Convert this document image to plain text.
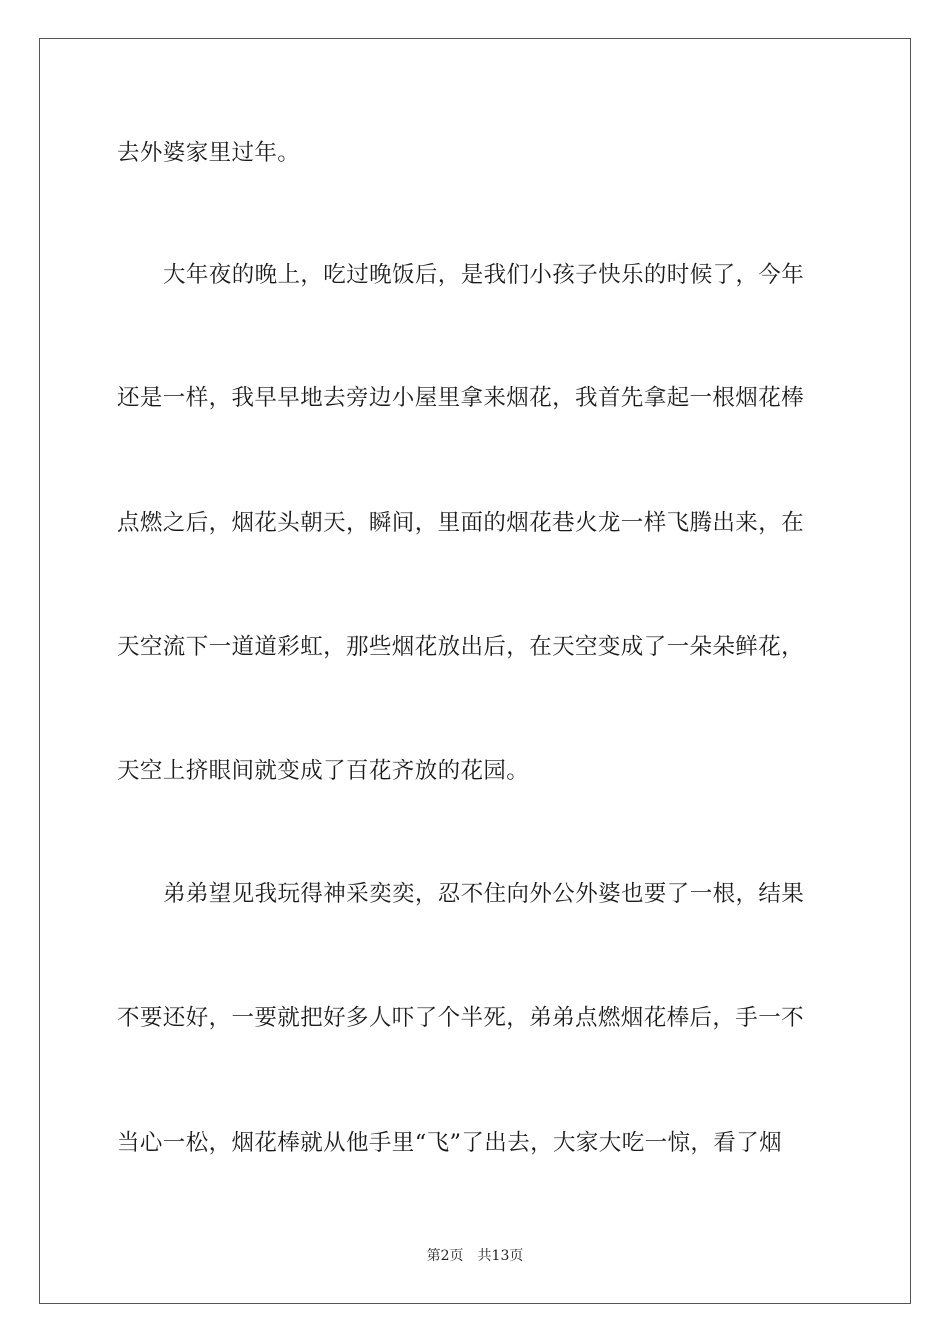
去外婆家里过年。
大年夜的晚上，吃过晚饭后，是我们小孩子快乐的时候了，今年
还是一样，我早早地去旁边小屋里拿来烟花，我首先拿起一根烟花棒
点燃之后，烟花头朝天，瞬间，里面的烟花巷火龙一样飞腾出来，在
天空流下一道道彩虹，那些烟花放出后，在天空变成了一朵朵鲜花，
天空上挤眼间就变成了百花齐放的花园。
弟弟望见我玩得神采奕奕，忍不住向外公外婆也要了一根，结果
不要还好，一要就把好多人吓了个半死，弟弟点燃烟花棒后，手一不
当心一松，烟花棒就从他手里“飞”了出去，大家大吃一惊，看了烟
第2页 共13页
